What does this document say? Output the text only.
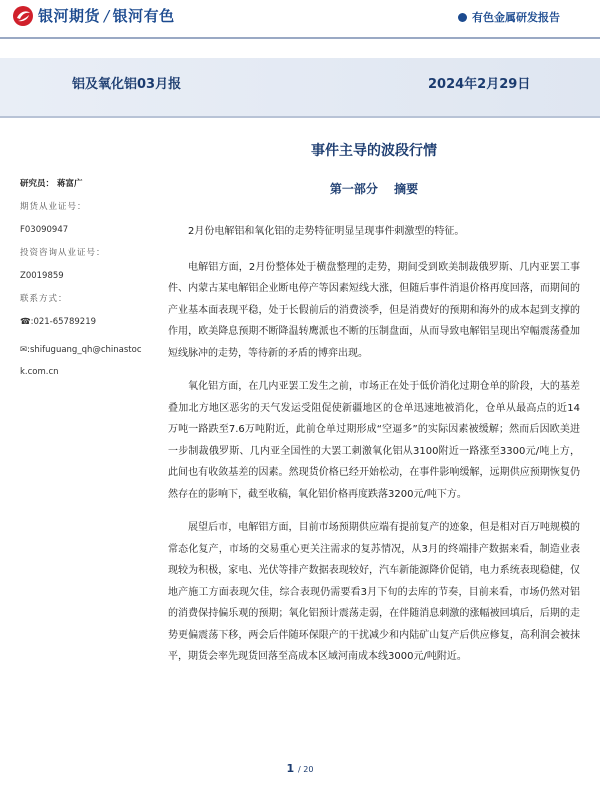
银河期货 / 银河有色	有色金属研发报告
铝及氧化铝03月报	2024年2月29日
研究员： 蒋富广
期货从业证号：
F03090947
投资咨询从业证号：
Z0019859
联系方式：
☎:021-65789219
✉:shifuguang_qh@chinastock.com.cn
事件主导的波段行情
第一部分 摘要

2月份电解铝和氧化铝的走势特征明显呈现事件刺激型的特征。

电解铝方面，2月份整体处于横盘整理的走势，期间受到欧美制裁俄罗斯、几内亚罢工事件、内蒙古某电解铝企业断电停产等因素短线大涨，但随后事件消退价格再度回落，而期间的产业基本面表现平稳，处于长假前后的消费淡季，但是消费好的预期和海外的成本起到支撑的作用，欧美降息预期不断降温转鹰派也不断的压制盘面，从而导致电解铝呈现出窄幅震荡叠加短线脉冲的走势，等待新的矛盾的博弈出现。

氧化铝方面，在几内亚罢工发生之前，市场正在处于低价消化过期仓单的阶段，大的基差叠加北方地区恶劣的天气发运受阻促使新疆地区的仓单迅速地被消化，仓单从最高点的近14万吨一路跌至7.6万吨附近，此前仓单过期形成“空逼多”的实际因素被缓解；然而后因欧美进一步制裁俄罗斯、几内亚全国性的大罢工刺激氧化铝从3100附近一路涨至3300元/吨上方，此间也有收敛基差的因素。然现货价格已经开始松动，在事件影响缓解，远期供应预期恢复仍然存在的影响下，截至收稿，氧化铝价格再度跌落3200元/吨下方。

展望后市，电解铝方面，目前市场预期供应端有提前复产的迹象，但是相对百万吨规模的常态化复产，市场的交易重心更关注需求的复苏情况，从3月的终端排产数据来看，制造业表现较为积极，家电、光伏等排产数据表现较好，汽车新能源降价促销，电力系统表现稳健，仅地产施工方面表现欠佳，综合表现仍需要看3月下旬的去库的节奏，目前来看，市场仍然对铝的消费保持偏乐观的预期；氧化铝预计震荡走弱，在伴随消息刺激的涨幅被回填后，后期的走势更偏震荡下移，两会后伴随环保限产的干扰减少和内陆矿山复产后供应修复，高利润会被抹平，期货会率先现货回落至高成本区域河南成本线3000元/吨附近。

1 / 20
